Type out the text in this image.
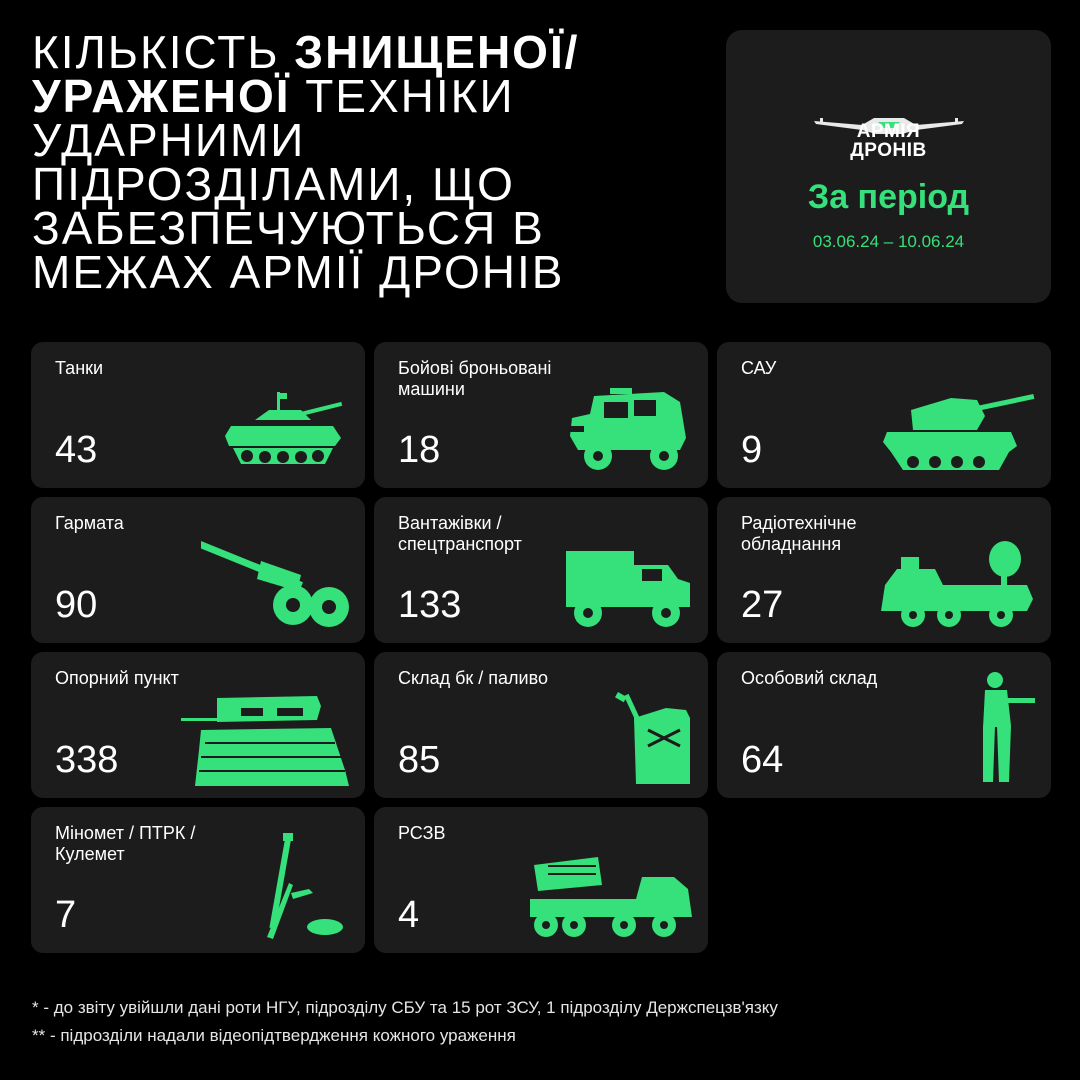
КІЛЬКІСТЬ ЗНИЩЕНОЇ/
УРАЖЕНОЇ ТЕХНІКИ
УДАРНИМИ
ПІДРОЗДІЛАМИ, ЩО
ЗАБЕЗПЕЧУЮТЬСЯ В
МЕЖАХ АРМІЇ ДРОНІВ
АРМІЯ
ДРОНІВ
За період
03.06.24 – 10.06.24
Танки
43
Бойові броньовані машини
18
САУ
9
Гармата
90
Вантажівки / спецтранспорт
133
Радіотехнічне обладнання
27
Опорний пункт
338
Склад бк / паливо
85
Особовий склад
64
Міномет / ПТРК /Кулемет
7
РСЗВ
4
* - до звіту увійшли дані роти НГУ, підрозділу СБУ та 15 рот ЗСУ, 1 підрозділу Держспецзв'язку
** - підрозділи надали відеопідтвердження кожного ураження
